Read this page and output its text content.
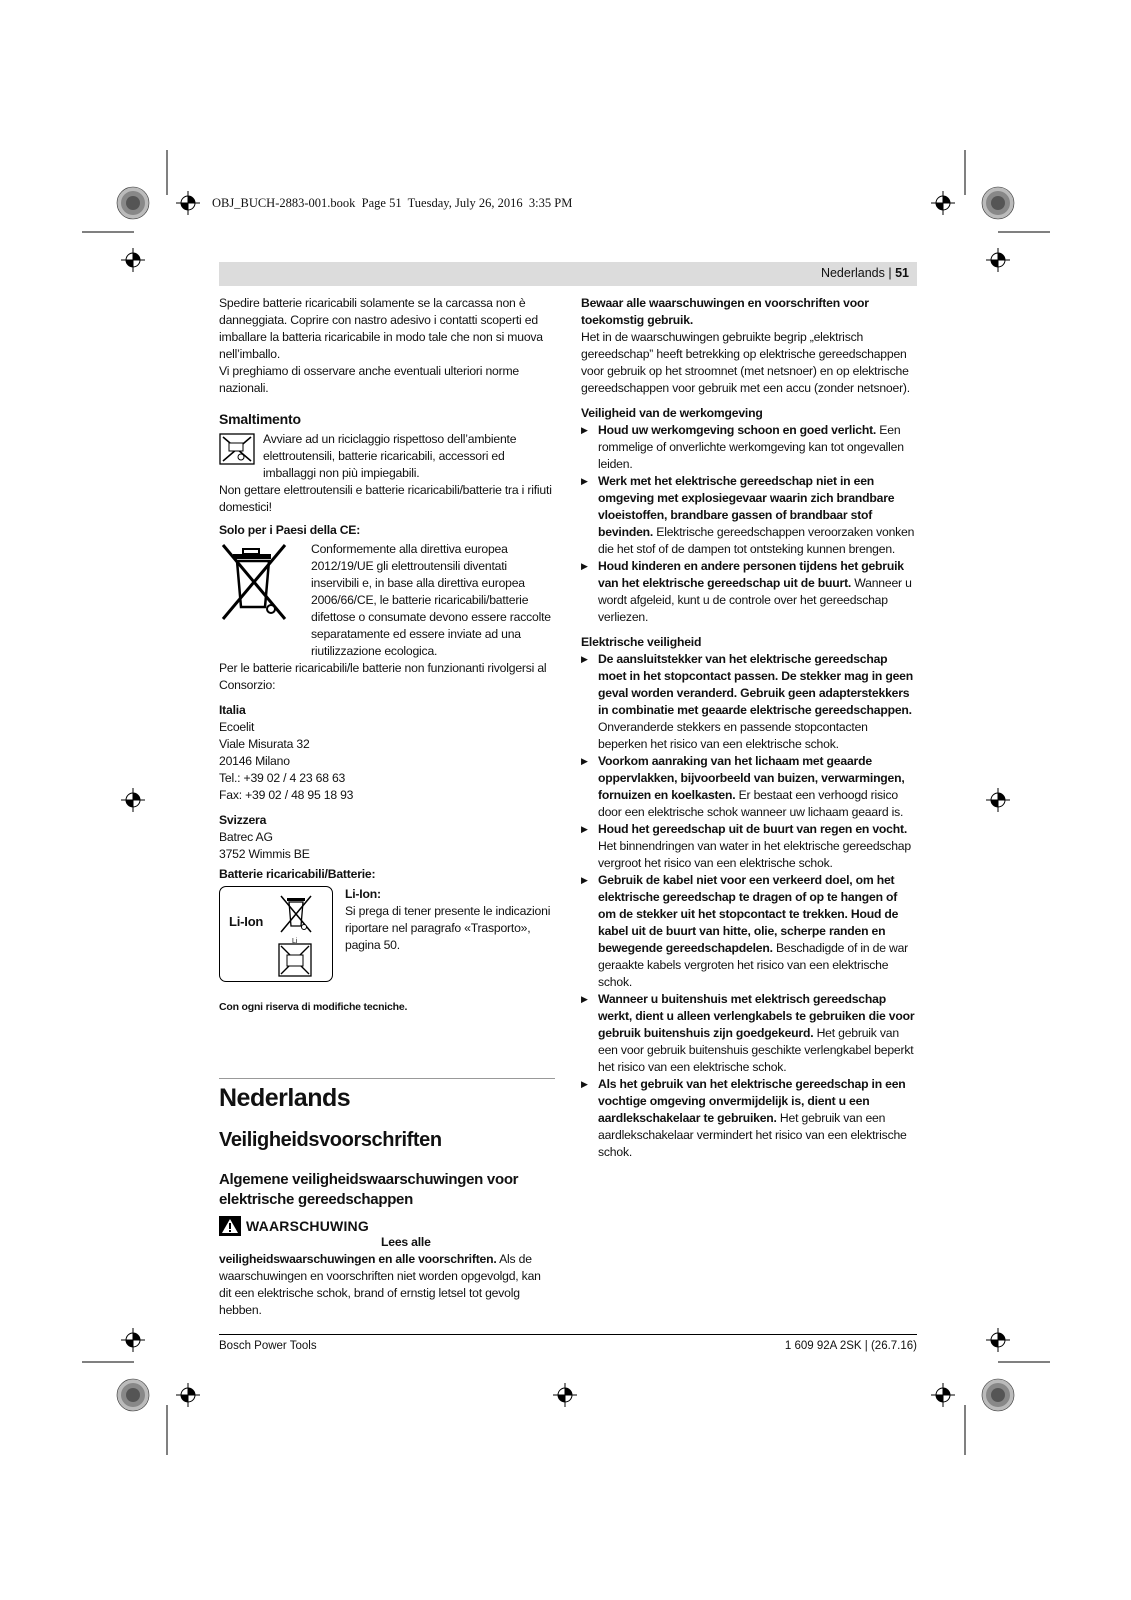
OBJ_BUCH-2883-001.book  Page 51  Tuesday, July 26, 2016  3:35 PM
Nederlands | 51

Spedire batterie ricaricabili solamente se la carcassa non è danneggiata. Coprire con nastro adesivo i contatti scoperti ed imballare la batteria ricaricabile in modo tale che non si muova nell’imballo.

Vi preghiamo di osservare anche eventuali ulteriori norme nazionali.

Smaltimento

Avviare ad un riciclaggio rispettoso dell’ambiente elettroutensili, batterie ricaricabili, accessori ed imballaggi non più impiegabili.

Non gettare elettroutensili e batterie ricaricabili/batterie tra i rifiuti domestici!

Solo per i Paesi della CE:

Conformemente alla direttiva europea 2012/19/UE gli elettroutensili diventati inservibili e, in base alla direttiva europea 2006/66/CE, le batterie ricaricabili/batterie difettose o consumate devono essere raccolte separatamente ed essere inviate ad una riutilizzazione ecologica.

Per le batterie ricaricabili/le batterie non funzionanti rivolgersi al Consorzio:

Italia

Ecoelit

Viale Misurata 32

20146 Milano

Tel.: +39 02 / 4 23 68 63

Fax: +39 02 / 48 95 18 93

Svizzera

Batrec AG

3752 Wimmis BE

Batterie ricaricabili/Batterie:
Li-Ion
Li
Li-Ion:

Si prega di tener presente le indicazioni riportare nel paragrafo «Trasporto», pagina 50.

Con ogni riserva di modifiche tecniche.

Nederlands
Veiligheidsvoorschriften
Algemene veiligheidswaarschuwingen voor elektrische gereedschappen
WAARSCHUWING

Lees alle veiligheidswaarschuwingen en alle voorschriften. Als de waarschuwingen en voorschriften niet worden opgevolgd, kan dit een elektrische schok, brand of ernstig letsel tot gevolg hebben.

Bewaar alle waarschuwingen en voorschriften voor toekomstig gebruik.

Het in de waarschuwingen gebruikte begrip „elektrisch gereedschap” heeft betrekking op elektrische gereedschappen voor gebruik op het stroomnet (met netsnoer) en op elektrische gereedschappen voor gebruik met een accu (zonder netsnoer).

Veiligheid van de werkomgeving

▶ Houd uw werkomgeving schoon en goed verlicht. Een rommelige of onverlichte werkomgeving kan tot ongevallen leiden.

▶ Werk met het elektrische gereedschap niet in een omgeving met explosiegevaar waarin zich brandbare vloeistoffen, brandbare gassen of brandbaar stof bevinden. Elektrische gereedschappen veroorzaken vonken die het stof of de dampen tot ontsteking kunnen brengen.

▶ Houd kinderen en andere personen tijdens het gebruik van het elektrische gereedschap uit de buurt. Wanneer u wordt afgeleid, kunt u de controle over het gereedschap verliezen.

Elektrische veiligheid

▶ De aansluitstekker van het elektrische gereedschap moet in het stopcontact passen. De stekker mag in geen geval worden veranderd. Gebruik geen adapterstekkers in combinatie met geaarde elektrische gereedschappen. Onveranderde stekkers en passende stopcontacten beperken het risico van een elektrische schok.

▶ Voorkom aanraking van het lichaam met geaarde oppervlakken, bijvoorbeeld van buizen, verwarmingen, fornuizen en koelkasten. Er bestaat een verhoogd risico door een elektrische schok wanneer uw lichaam geaard is.

▶ Houd het gereedschap uit de buurt van regen en vocht. Het binnendringen van water in het elektrische gereedschap vergroot het risico van een elektrische schok.

▶ Gebruik de kabel niet voor een verkeerd doel, om het elektrische gereedschap te dragen of op te hangen of om de stekker uit het stopcontact te trekken. Houd de kabel uit de buurt van hitte, olie, scherpe randen en bewegende gereedschapdelen. Beschadigde of in de war geraakte kabels vergroten het risico van een elektrische schok.

▶ Wanneer u buitenshuis met elektrisch gereedschap werkt, dient u alleen verlengkabels te gebruiken die voor gebruik buitenshuis zijn goedgekeurd. Het gebruik van een voor gebruik buitenshuis geschikte verlengkabel beperkt het risico van een elektrische schok.

▶ Als het gebruik van het elektrische gereedschap in een vochtige omgeving onvermijdelijk is, dient u een aardlekschakelaar te gebruiken. Het gebruik van een aardlekschakelaar vermindert het risico van een elektrische schok.

Bosch Power Tools	1 609 92A 2SK | (26.7.16)
